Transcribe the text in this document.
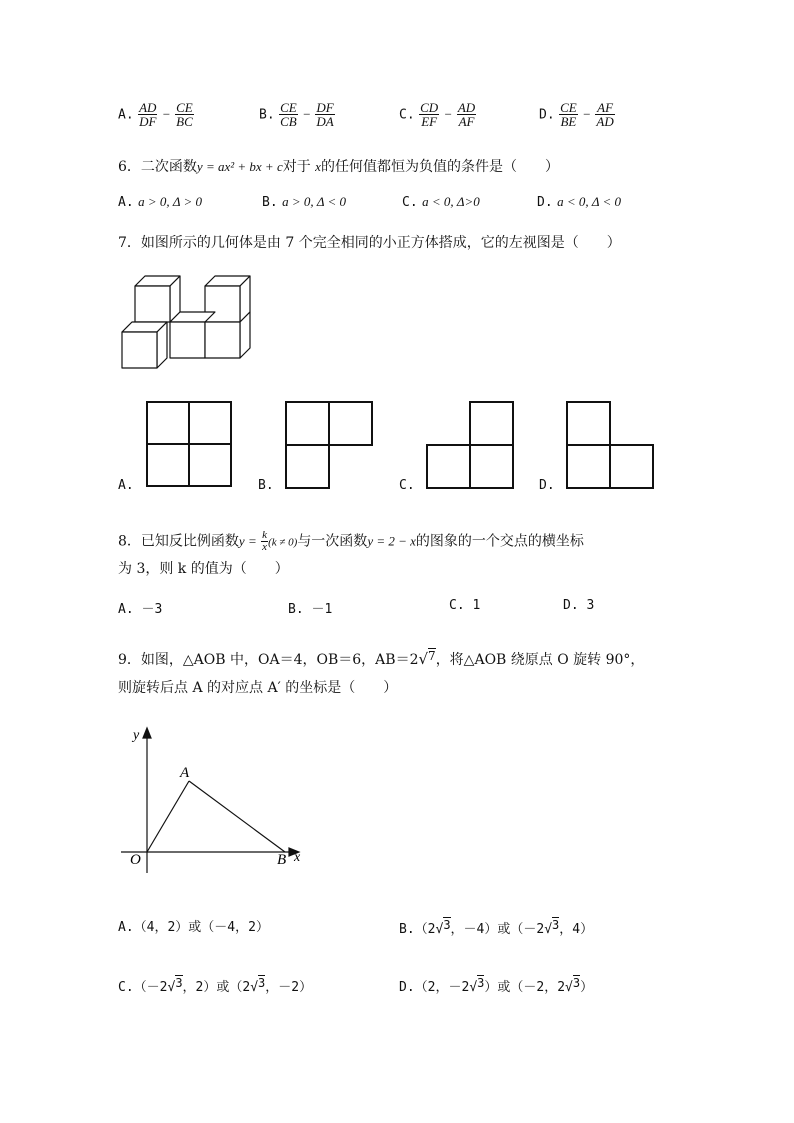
A. $\frac{AD}{DF} - \frac{CE}{BC}$	B. $\frac{CE}{CB} - \frac{DF}{DA}$	C. $\frac{CD}{EF} - \frac{AD}{AF}$	D. $\frac{CE}{BE} - \frac{AF}{AD}$
6．二次函数y = ax² + bx + c对于 x的任何值都恒为负值的条件是（　　）
A. a > 0, Δ > 0	B. a > 0, Δ < 0	C. a < 0, Δ>0	D. a < 0, Δ < 0
7．如图所示的几何体是由 7 个完全相同的小正方体搭成，它的左视图是（　　）
A.	B.	C.	D.
8．已知反比例函数$y = \frac{k}{x} (k \ne 0)$与一次函数y = 2 − x的图象的一个交点的横坐标
为 3，则 k 的值为（　　）
A. －3	B. －1	C. 1	D. 3
9．如图，△AOB 中，OA＝4，OB＝6，AB＝2√7，将△AOB 绕原点 O 旋转 90°，
则旋转后点 A 的对应点 A′ 的坐标是（　　）
y
x
O
A
B
A.（4，2）或（－4，2）	B.（2√3，－4）或（－2√3，4）
C.（－2√3，2）或（2√3，－2）	D.（2，－2√3）或（－2，2√3）
